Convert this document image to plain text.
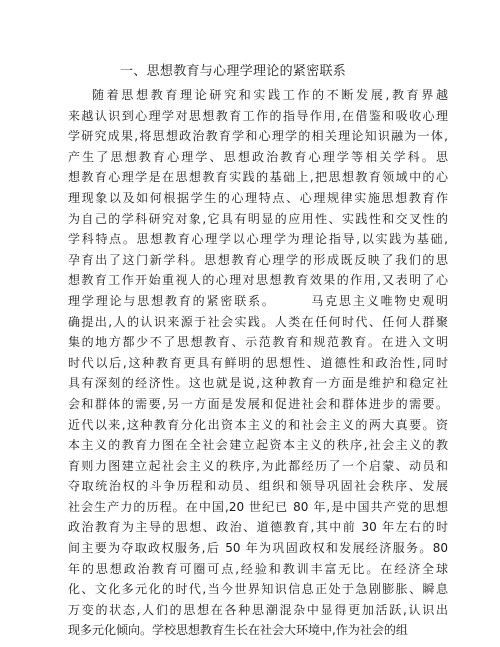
一、思想教育与心理学理论的紧密联系
随着思想教育理论研究和实践工作的不断发展,教育界越
来越认识到心理学对思想教育工作的指导作用,在借鉴和吸收心理
学研究成果,将思想政治教育学和心理学的相关理论知识融为一体,
产生了思想教育心理学、思想政治教育心理学等相关学科。思
想教育心理学是在思想教育实践的基础上,把思想教育领域中的心
理现象以及如何根据学生的心理特点、心理规律实施思想教育作
为自己的学科研究对象,它具有明显的应用性、实践性和交叉性的
学科特点。思想教育心理学以心理学为理论指导,以实践为基础,
孕育出了这门新学科。思想教育心理学的形成既反映了我们的思
想教育工作开始重视人的心理对思想教育效果的作用,又表明了心
理学理论与思想教育的紧密联系。　　　马克思主义唯物史观明
确提出,人的认识来源于社会实践。人类在任何时代、任何人群聚
集的地方都少不了思想教育、示范教育和规范教育。在进入文明
时代以后,这种教育更具有鲜明的思想性、道德性和政治性,同时
具有深刻的经济性。这也就是说,这种教育一方面是维护和稳定社
会和群体的需要,另一方面是发展和促进社会和群体进步的需要。
近代以来,这种教育分化出资本主义的和社会主义的两大真要。资
本主义的教育力图在全社会建立起资本主义的秩序,社会主义的教
育则力图建立起社会主义的秩序,为此都经历了一个启蒙、动员和
夺取统治权的斗争历程和动员、组织和领导巩固社会秩序、发展
社会生产力的历程。在中国,20 世纪已 80 年,是中国共产党的思想
政治教育为主导的思想、政治、道德教育,其中前 30 年左右的时
间主要为夺取政权服务,后 50 年为巩固政权和发展经济服务。80
年的思想政治教育可圈可点,经验和教训丰富无比。在经济全球
化、文化多元化的时代,当今世界知识信息正处于急剧膨胀、瞬息
万变的状态,人们的思想在各种思潮混杂中显得更加活跃,认识出
现多元化倾向。学校思想教育生长在社会大环境中,作为社会的组
